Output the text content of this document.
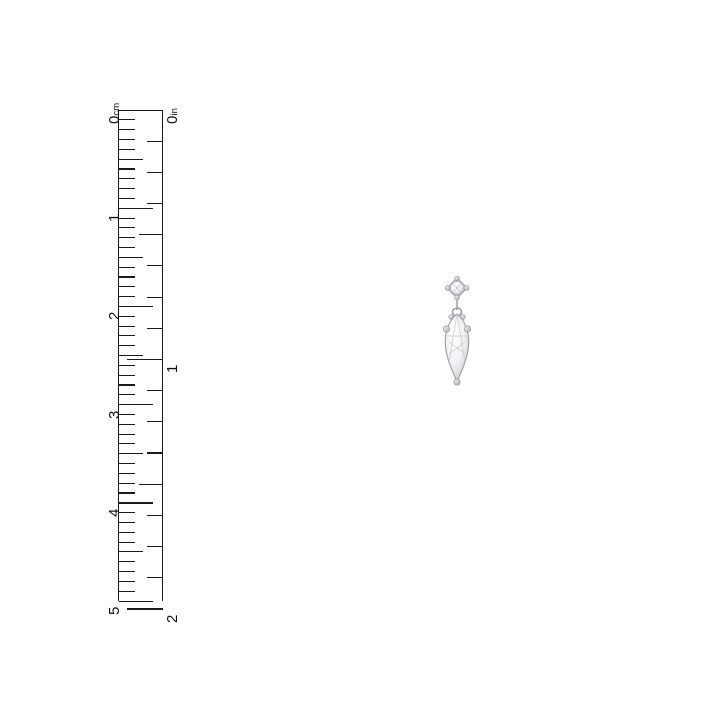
0cm
1
2
3
4
5
0in
1
2
